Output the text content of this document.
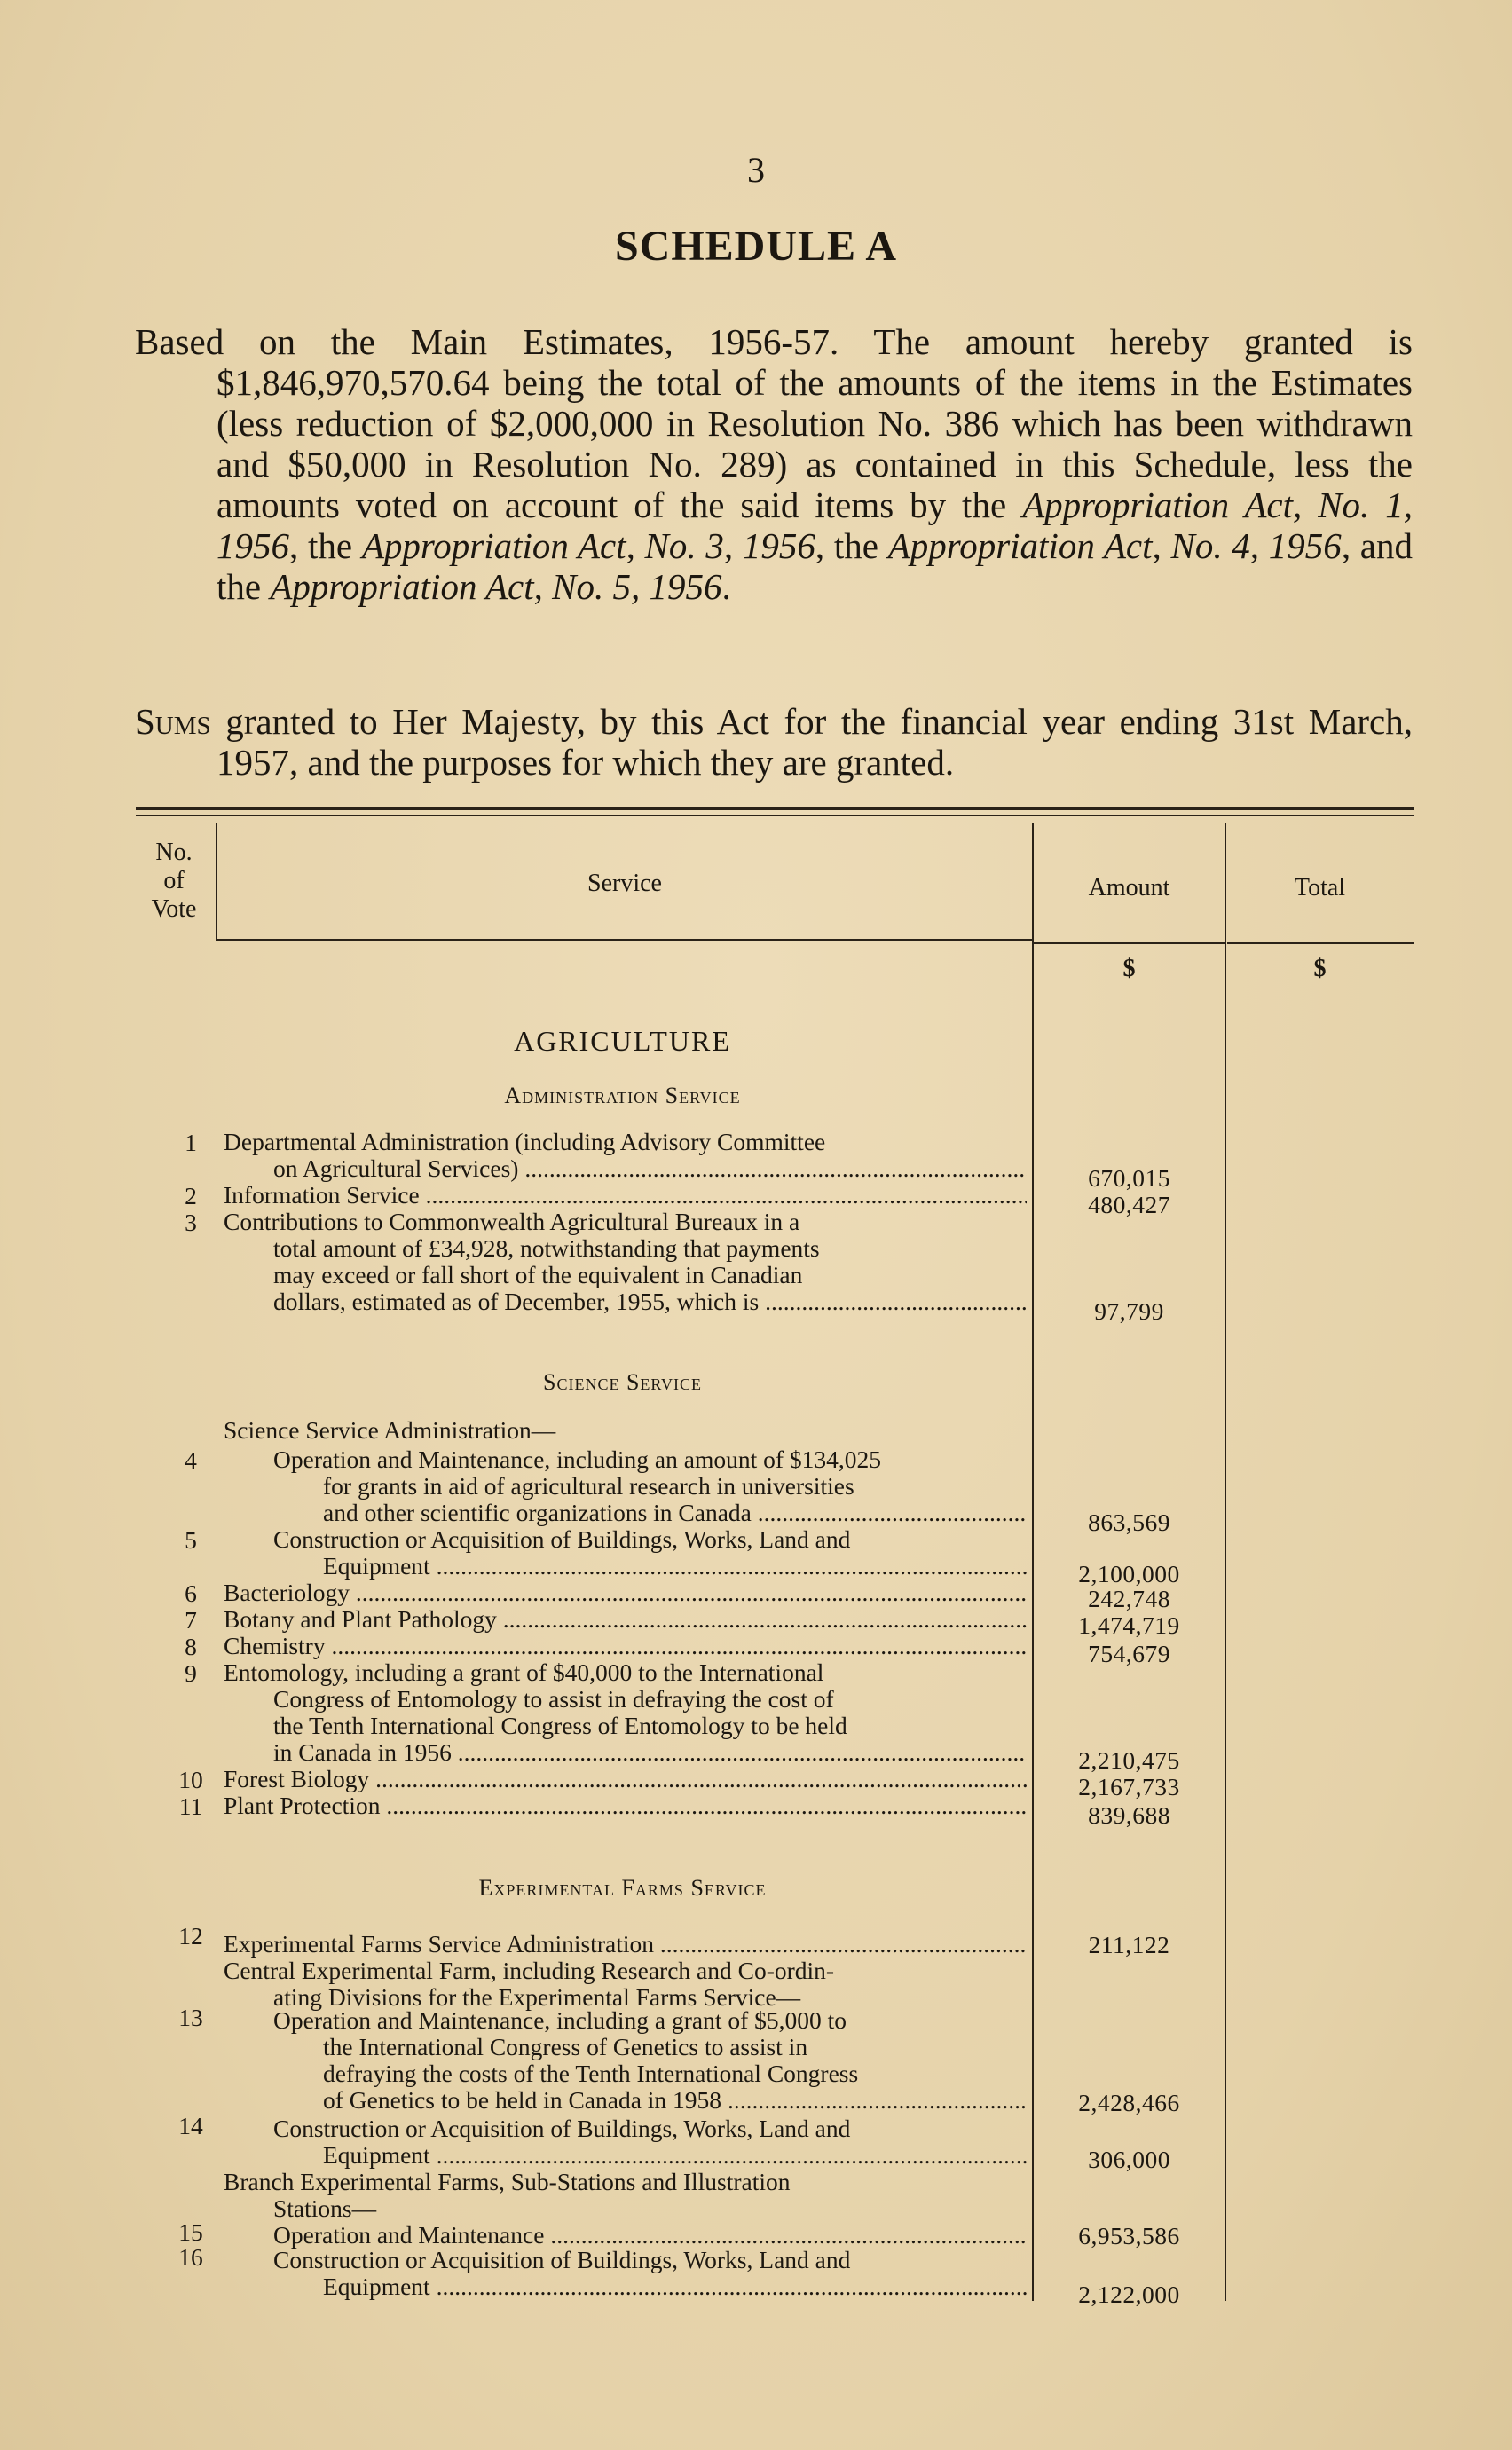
3
SCHEDULE A

Based on the Main Estimates, 1956-57. The amount hereby granted is $1,846,970,570.64 being the total of the amounts of the items in the Estimates (less reduction of $2,000,000 in Resolution No. 386 which has been withdrawn and $50,000 in Resolution No. 289) as contained in this Schedule, less the amounts voted on account of the said items by the Appropriation Act, No. 1, 1956, the Appropriation Act, No. 3, 1956, the Appropriation Act, No. 4, 1956, and the Appropriation Act, No. 5, 1956.

Sums granted to Her Majesty, by this Act for the financial year ending 31st March, 1957, and the purposes for which they are granted.

No.
of
Vote
Service	Amount	Total
$	$
AGRICULTURE
Administration Service
Science Service
Experimental Farms Service
1	Departmental Administration (including Advisory Committee
on Agricultural Services) .....	670,015
2	Information Service .....	480,427
3	Contributions to Commonwealth Agricultural Bureaux in a
total amount of £34,928, notwithstanding that payments
may exceed or fall short of the equivalent in Canadian
dollars, estimated as of December, 1955, which is .....	97,799
Science Service Administration—
4	Operation and Maintenance, including an amount of $134,025
for grants in aid of agricultural research in universities
and other scientific organizations in Canada .....	863,569
5	Construction or Acquisition of Buildings, Works, Land and
Equipment .....	2,100,000
6	Bacteriology .....	242,748
7	Botany and Plant Pathology .....	1,474,719
8	Chemistry .....	754,679
9	Entomology, including a grant of $40,000 to the International
Congress of Entomology to assist in defraying the cost of
the Tenth International Congress of Entomology to be held
in Canada in 1956 .....	2,210,475
10 Forest Biology .....	2,167,733
11 Plant Protection .....	839,688
12 Experimental Farms Service Administration .....	211,122
Central Experimental Farm, including Research and Co-ordin-
ating Divisions for the Experimental Farms Service—
13	Operation and Maintenance, including a grant of $5,000 to
the International Congress of Genetics to assist in
defraying the costs of the Tenth International Congress
of Genetics to be held in Canada in 1958 .....	2,428,466
14	Construction or Acquisition of Buildings, Works, Land and
Equipment .....	306,000
Branch Experimental Farms, Sub-Stations and Illustration
Stations—
15	Operation and Maintenance .....	6,953,586
16	Construction or Acquisition of Buildings, Works, Land and
Equipment .....	2,122,000
